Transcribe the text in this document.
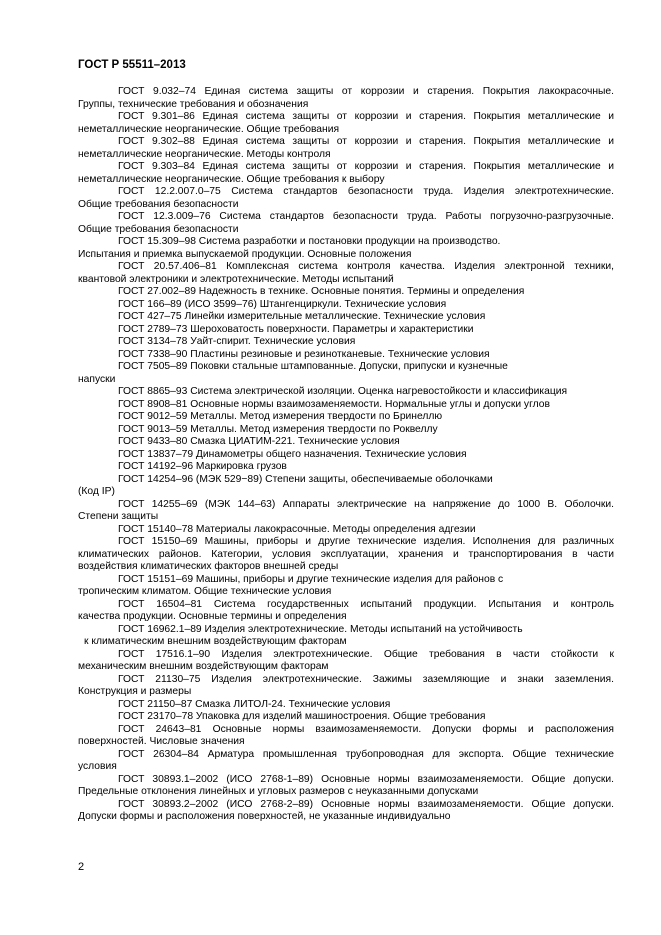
ГОСТ Р 55511–2013
ГОСТ 9.032–74 Единая система защиты от коррозии и старения. Покрытия лакокрасочные.
Группы, технические требования и обозначения
ГОСТ 9.301–86 Единая система защиты от коррозии и старения. Покрытия металлические и
неметаллические неорганические. Общие требования
ГОСТ 9.302–88 Единая система защиты от коррозии и старения. Покрытия металлические и
неметаллические неорганические. Методы контроля
ГОСТ 9.303–84 Единая система защиты от коррозии и старения. Покрытия металлические и
неметаллические неорганические. Общие требования к выбору
ГОСТ 12.2.007.0–75 Система стандартов безопасности труда. Изделия электротехнические.
Общие требования безопасности
ГОСТ 12.3.009–76 Система стандартов безопасности труда. Работы погрузочно-разгрузочные.
Общие требования безопасности
ГОСТ 15.309–98 Система разработки и постановки продукции на производство.
Испытания и приемка выпускаемой продукции. Основные положения
ГОСТ 20.57.406–81 Комплексная система контроля качества. Изделия электронной техники,
квантовой электроники и электротехнические. Методы испытаний
ГОСТ 27.002–89 Надежность в технике. Основные понятия. Термины и определения
ГОСТ 166–89 (ИСО 3599–76) Штангенциркули. Технические условия
ГОСТ 427–75 Линейки измерительные металлические. Технические условия
ГОСТ 2789–73 Шероховатость поверхности. Параметры и характеристики
ГОСТ 3134–78 Уайт-спирит. Технические условия
ГОСТ 7338–90 Пластины резиновые и резинотканевые. Технические условия
ГОСТ 7505–89 Поковки стальные штампованные. Допуски, припуски и кузнечные
напуски
ГОСТ 8865–93 Система электрической изоляции. Оценка нагревостойкости и классификация
ГОСТ 8908–81 Основные нормы взаимозаменяемости. Нормальные углы и допуски углов
ГОСТ 9012–59 Металлы. Метод измерения твердости по Бринеллю
ГОСТ 9013–59 Металлы. Метод измерения твердости по Роквеллу
ГОСТ 9433–80 Смазка ЦИАТИМ-221. Технические условия
ГОСТ 13837–79 Динамометры общего назначения. Технические условия
ГОСТ 14192–96 Маркировка грузов
ГОСТ 14254–96 (МЭК 529−89) Степени защиты, обеспечиваемые оболочками
(Код IP)
ГОСТ 14255–69 (МЭК 144–63) Аппараты электрические на напряжение до 1000 В. Оболочки.
Степени защиты
ГОСТ 15140–78 Материалы лакокрасочные. Методы определения адгезии
ГОСТ 15150–69 Машины, приборы и другие технические изделия. Исполнения для различных
климатических районов. Категории, условия эксплуатации, хранения и транспортирования в части
воздействия климатических факторов внешней среды
ГОСТ 15151–69 Машины, приборы и другие технические изделия для районов с
тропическим климатом. Общие технические условия
ГОСТ 16504–81 Система государственных испытаний продукции. Испытания и контроль
качества продукции. Основные термины и определения
ГОСТ 16962.1–89 Изделия электротехнические. Методы испытаний на устойчивость
к климатическим внешним воздействующим факторам
ГОСТ 17516.1–90 Изделия электротехнические. Общие требования в части стойкости к
механическим внешним воздействующим факторам
ГОСТ 21130–75 Изделия электротехнические. Зажимы заземляющие и знаки заземления.
Конструкция и размеры
ГОСТ 21150–87 Смазка ЛИТОЛ-24. Технические условия
ГОСТ 23170–78 Упаковка для изделий машиностроения. Общие требования
ГОСТ 24643–81 Основные нормы взаимозаменяемости. Допуски формы и расположения
поверхностей. Числовые значения
ГОСТ 26304–84 Арматура промышленная трубопроводная для экспорта. Общие технические
условия
ГОСТ 30893.1–2002 (ИСО 2768-1–89) Основные нормы взаимозаменяемости. Общие допуски.
Предельные отклонения линейных и угловых размеров с неуказанными допусками
ГОСТ 30893.2–2002 (ИСО 2768-2–89) Основные нормы взаимозаменяемости. Общие допуски.
Допуски формы и расположения поверхностей, не указанные индивидуально
2
